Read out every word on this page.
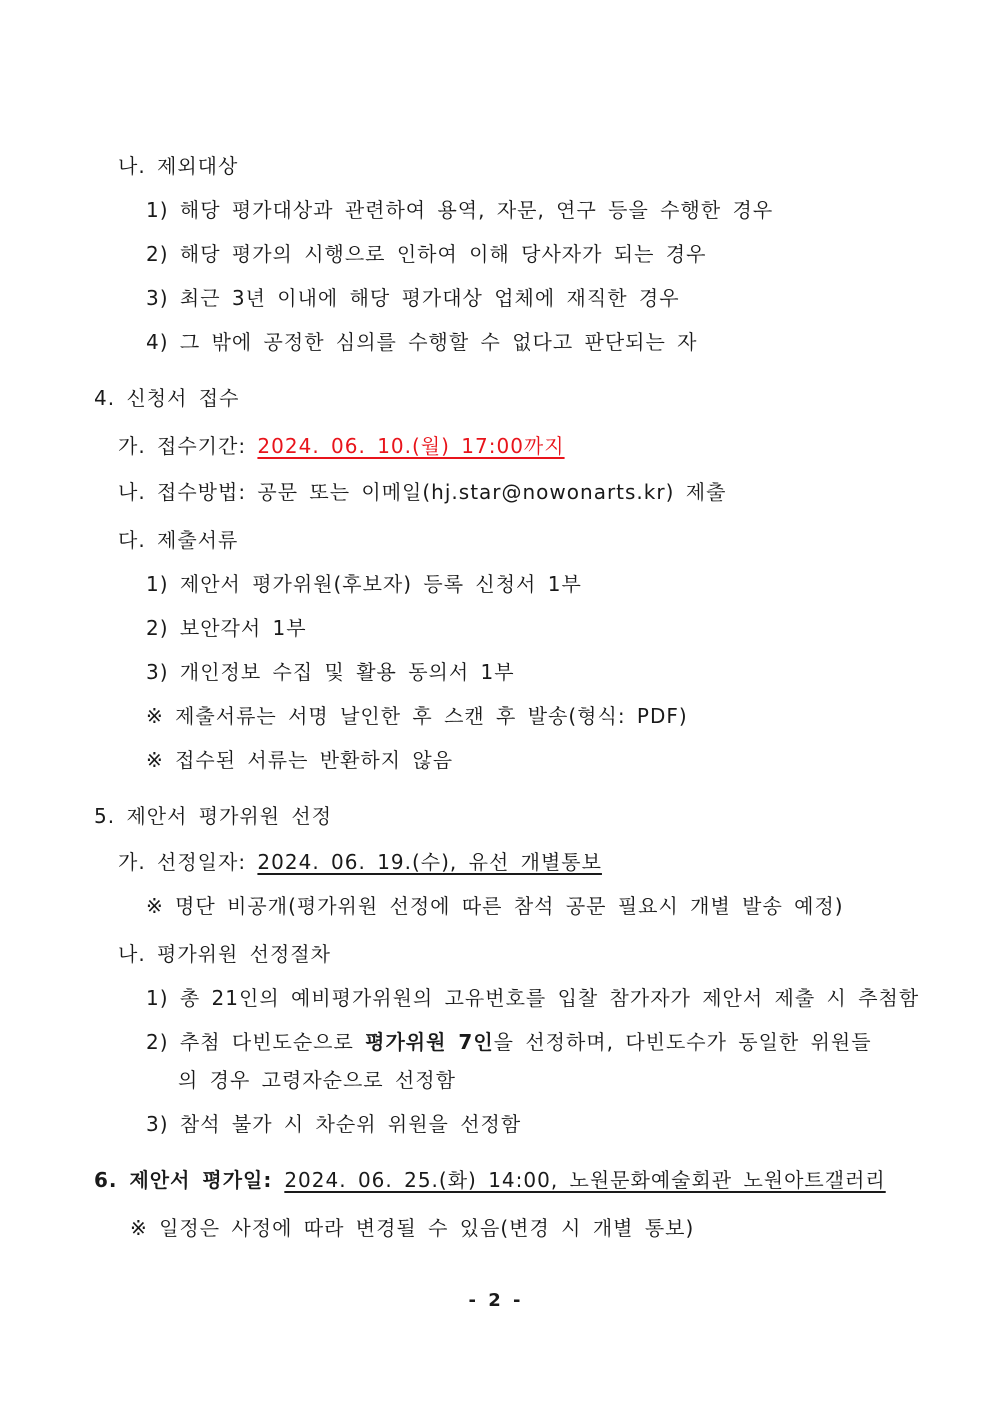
나. 제외대상
1) 해당 평가대상과 관련하여 용역, 자문, 연구 등을 수행한 경우
2) 해당 평가의 시행으로 인하여 이해 당사자가 되는 경우
3) 최근 3년 이내에 해당 평가대상 업체에 재직한 경우
4) 그 밖에 공정한 심의를 수행할 수 없다고 판단되는 자
4. 신청서 접수
가. 접수기간: 2024. 06. 10.(월) 17:00까지
나. 접수방법: 공문 또는 이메일(hj.star@nowonarts.kr) 제출
다. 제출서류
1) 제안서 평가위원(후보자) 등록 신청서 1부
2) 보안각서 1부
3) 개인정보 수집 및 활용 동의서 1부
※ 제출서류는 서명 날인한 후 스캔 후 발송(형식: PDF)
※ 접수된 서류는 반환하지 않음
5. 제안서 평가위원 선정
가. 선정일자: 2024. 06. 19.(수), 유선 개별통보
※ 명단 비공개(평가위원 선정에 따른 참석 공문 필요시 개별 발송 예정)
나. 평가위원 선정절차
1) 총 21인의 예비평가위원의 고유번호를 입찰 참가자가 제안서 제출 시 추첨함
2) 추첨 다빈도순으로 평가위원 7인을 선정하며, 다빈도수가 동일한 위원들
의 경우 고령자순으로 선정함
3) 참석 불가 시 차순위 위원을 선정함
6. 제안서 평가일: 2024. 06. 25.(화) 14:00, 노원문화예술회관 노원아트갤러리
※ 일정은 사정에 따라 변경될 수 있음(변경 시 개별 통보)
- 2 -
